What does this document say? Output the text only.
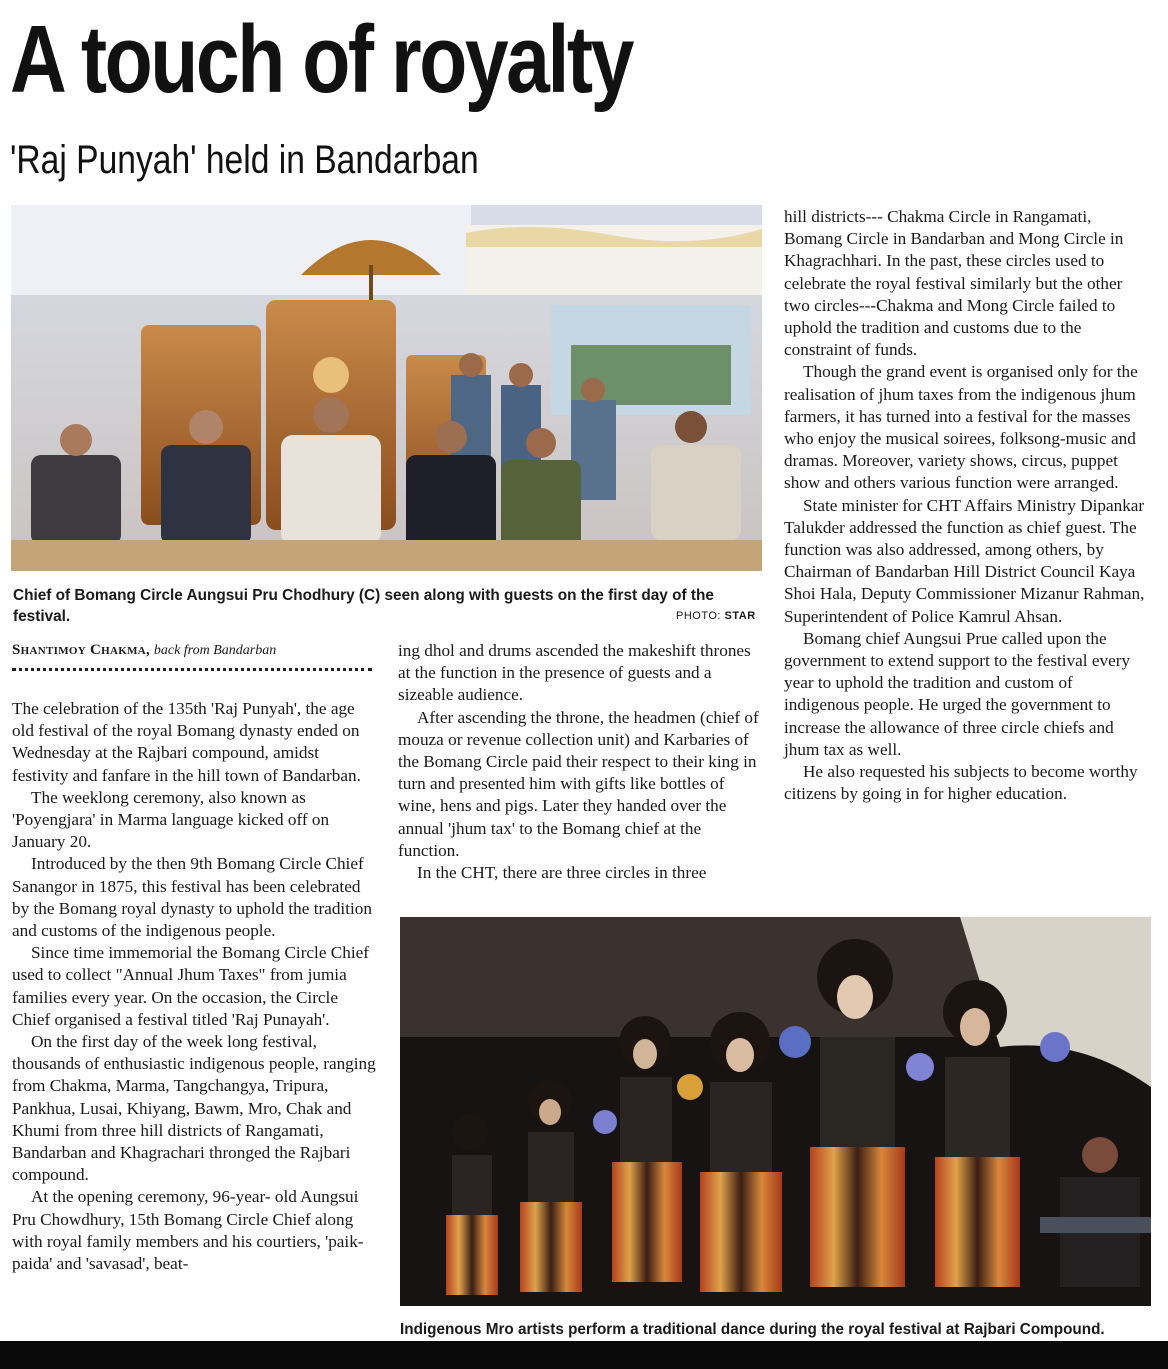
A touch of royalty
'Raj Punyah' held in Bandarban
Chief of Bomang Circle Aungsui Pru Chodhury (C) seen along with guests on the first day of the festival.	PHOTO: STAR
Shantimoy Chakma, back from Bandarban

The celebration of the 135th 'Raj Punyah', the age old festival of the royal Bomang dynasty ended on Wednesday at the Rajbari compound, amidst festivity and fanfare in the hill town of Bandarban.

The weeklong ceremony, also known as 'Poyengjara' in Marma language kicked off on January 20.

Introduced by the then 9th Bomang Circle Chief Sanangor in 1875, this festival has been celebrated by the Bomang royal dynasty to uphold the tradition and customs of the indigenous people.

Since time immemorial the Bomang Circle Chief used to collect "Annual Jhum Taxes" from jumia families every year. On the occasion, the Circle Chief organised a festival titled 'Raj Punayah'.

On the first day of the week long festival, thousands of enthusiastic indigenous people, ranging from Chakma, Marma, Tangchangya, Tripura, Pankhua, Lusai, Khiyang, Bawm, Mro, Chak and Khumi from three hill districts of Rangamati, Bandarban and Khagrachari thronged the Rajbari compound.

At the opening ceremony, 96-year- old Aungsui Pru Chowdhury, 15th Bomang Circle Chief along with royal family members and his courtiers, 'paik-paida' and 'savasad', beat-

ing dhol and drums ascended the makeshift thrones at the function in the presence of guests and a sizeable audience.

After ascending the throne, the headmen (chief of mouza or revenue collection unit) and Karbaries of the Bomang Circle paid their respect to their king in turn and presented him with gifts like bottles of wine, hens and pigs. Later they handed over the annual 'jhum tax' to the Bomang chief at the function.

In the CHT, there are three circles in three

hill districts--- Chakma Circle in Rangamati, Bomang Circle in Bandarban and Mong Circle in Khagrachhari. In the past, these circles used to celebrate the royal festival similarly but the other two circles---Chakma and Mong Circle failed to uphold the tradition and customs due to the constraint of funds.

Though the grand event is organised only for the realisation of jhum taxes from the indigenous jhum farmers, it has turned into a festival for the masses who enjoy the musical soirees, folksong-music and dramas. Moreover, variety shows, circus, puppet show and others various function were arranged.

State minister for CHT Affairs Ministry Dipankar Talukder addressed the function as chief guest. The function was also addressed, among others, by Chairman of Bandarban Hill District Council Kaya Shoi Hala, Deputy Commissioner Mizanur Rahman, Superintendent of Police Kamrul Ahsan.

Bomang chief Aungsui Prue called upon the government to extend support to the festival every year to uphold the tradition and custom of indigenous people. He urged the government to increase the allowance of three circle chiefs and jhum tax as well.

He also requested his subjects to become worthy citizens by going in for higher education.

Indigenous Mro artists perform a traditional dance during the royal festival at Rajbari Compound.
